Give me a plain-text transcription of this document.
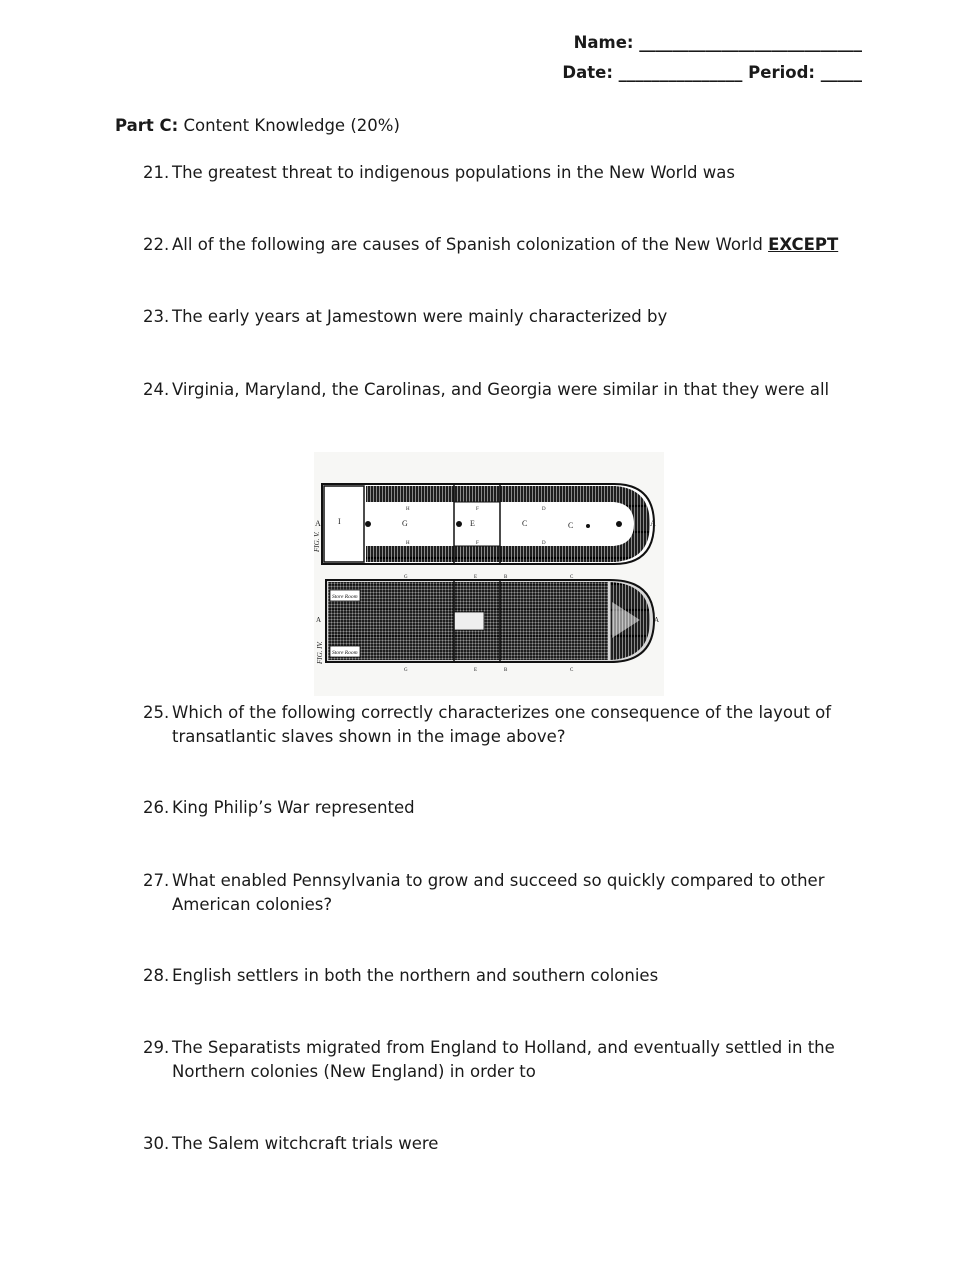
Name: ___________________________
Date: _______________ Period: _____
Part C: Content Knowledge (20%)
21. The greatest threat to indigenous populations in the New World was
22. All of the following are causes of Spanish colonization of the New World EXCEPT
23. The early years at Jamestown were mainly characterized by
24. Virginia, Maryland, the Carolinas, and Georgia were similar in that they were all
FIG. V.
A I	G	E	C	C	A
H	F	D
H	F	D
Store Room
Store Room
FIG. IV.
G	E	B	C
G	E	B	C
A	A
25. Which of the following correctly characterizes one consequence of the layout of transatlantic slaves shown in the image above?
26. King Philip’s War represented
27. What enabled Pennsylvania to grow and succeed so quickly compared to other American colonies?
28. English settlers in both the northern and southern colonies
29. The Separatists migrated from England to Holland, and eventually settled in the Northern colonies (New England) in order to
30. The Salem witchcraft trials were
